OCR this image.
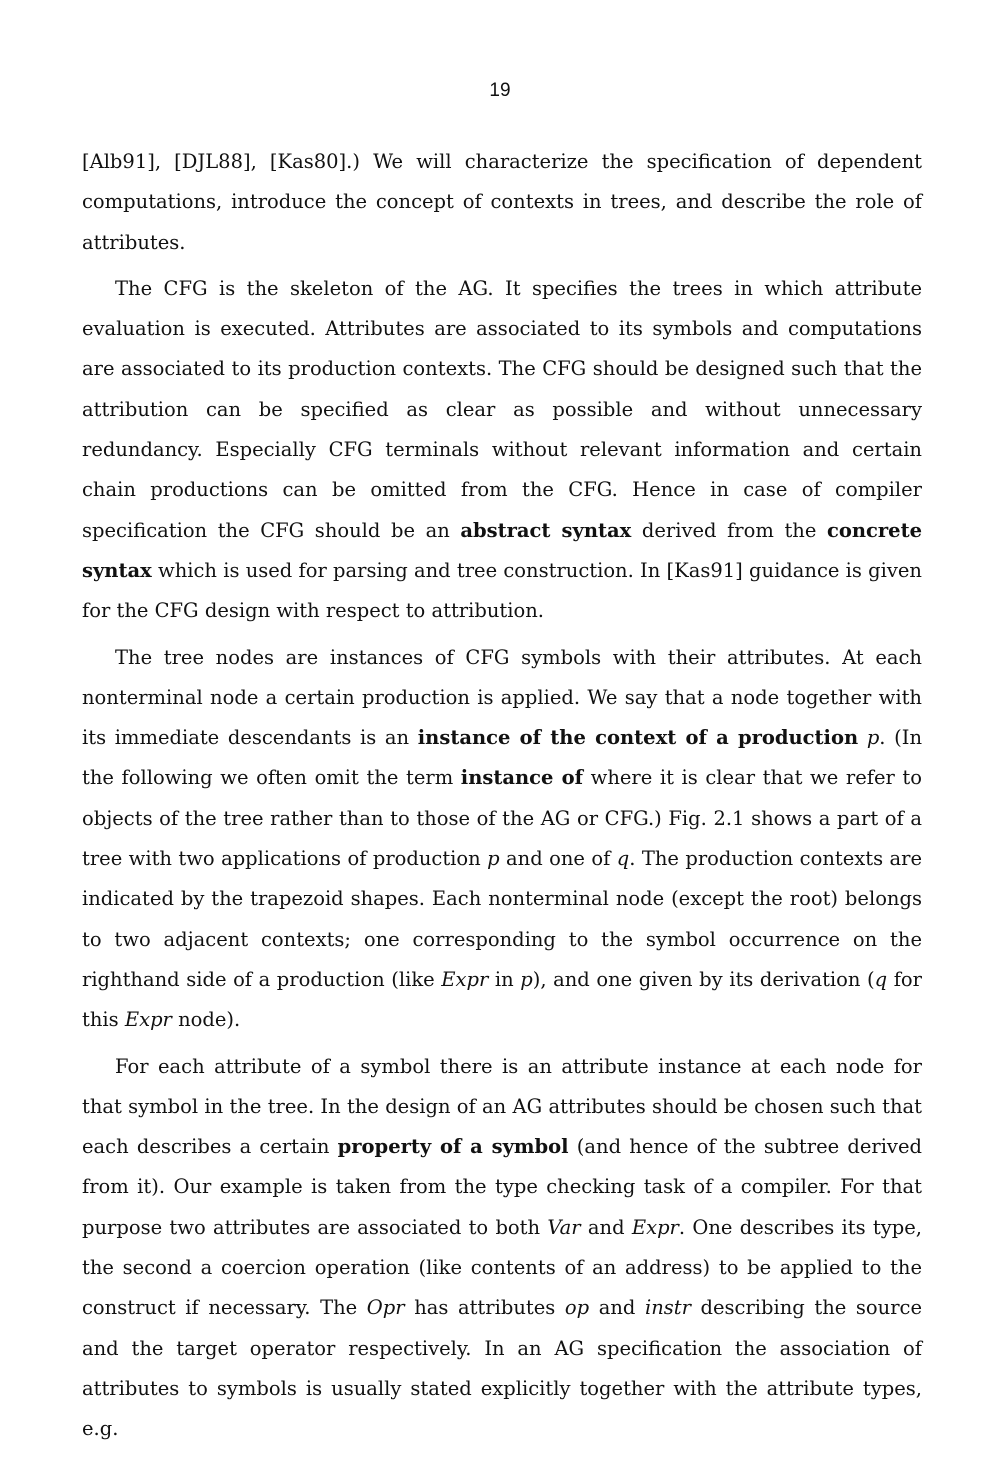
19

[Alb91], [DJL88], [Kas80].) We will characterize the specification of dependent computations, introduce the concept of contexts in trees, and describe the role of attributes.

The CFG is the skeleton of the AG. It specifies the trees in which attribute evaluation is executed. Attributes are associated to its symbols and computations are associated to its production contexts. The CFG should be designed such that the attribution can be specified as clear as possible and without unnecessary redundancy. Especially CFG terminals without relevant information and certain chain productions can be omitted from the CFG. Hence in case of compiler specification the CFG should be an abstract syntax derived from the concrete syntax which is used for parsing and tree construction. In [Kas91] guidance is given for the CFG design with respect to attribution.

The tree nodes are instances of CFG symbols with their attributes. At each nonterminal node a certain production is applied. We say that a node together with its immediate descendants is an instance of the context of a production p. (In the following we often omit the term instance of where it is clear that we refer to objects of the tree rather than to those of the AG or CFG.) Fig. 2.1 shows a part of a tree with two applications of production p and one of q. The production contexts are indicated by the trapezoid shapes. Each nonterminal node (except the root) belongs to two adjacent contexts; one corresponding to the symbol occurrence on the righthand side of a production (like Expr in p), and one given by its derivation (q for this Expr node).

For each attribute of a symbol there is an attribute instance at each node for that symbol in the tree. In the design of an AG attributes should be chosen such that each describes a certain property of a symbol (and hence of the subtree derived from it). Our example is taken from the type checking task of a compiler. For that purpose two attributes are associated to both Var and Expr. One describes its type, the second a coercion operation (like contents of an address) to be applied to the construct if necessary. The Opr has attributes op and instr describing the source and the target operator respectively. In an AG specification the association of attributes to symbols is usually stated explicitly together with the attribute types, e.g.
